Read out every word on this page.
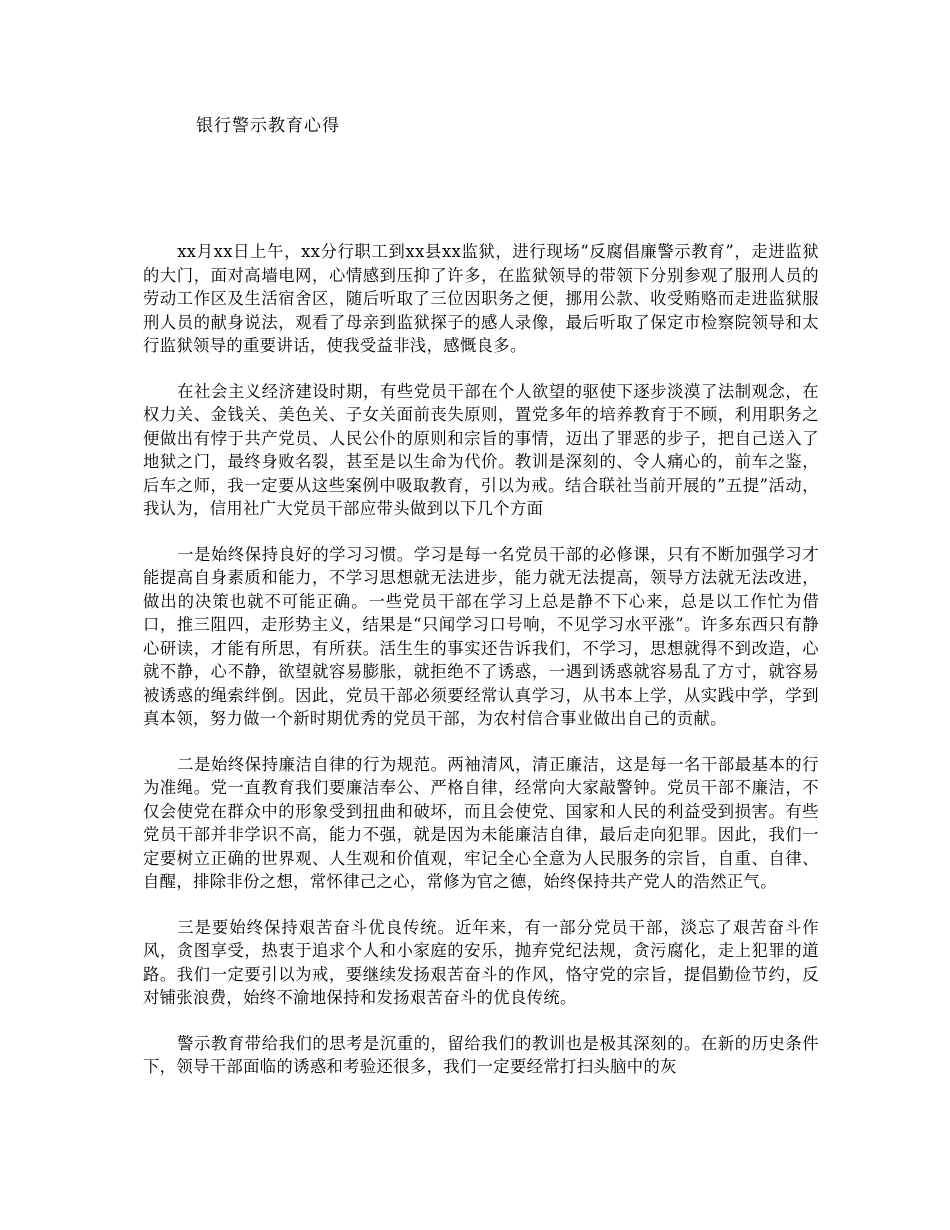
银行警示教育心得

xx月xx日上午，xx分行职工到xx县xx监狱，进行现场“反腐倡廉警示教育”，走进监狱的大门，面对高墙电网，心情感到压抑了许多，在监狱领导的带领下分别参观了服刑人员的劳动工作区及生活宿舍区，随后听取了三位因职务之便，挪用公款、收受贿赂而走进监狱服刑人员的献身说法，观看了母亲到监狱探子的感人录像，最后听取了保定市检察院领导和太行监狱领导的重要讲话，使我受益非浅，感慨良多。

在社会主义经济建设时期，有些党员干部在个人欲望的驱使下逐步淡漠了法制观念，在权力关、金钱关、美色关、子女关面前丧失原则，置党多年的培养教育于不顾，利用职务之便做出有悖于共产党员、人民公仆的原则和宗旨的事情，迈出了罪恶的步子，把自己送入了地狱之门，最终身败名裂，甚至是以生命为代价。教训是深刻的、令人痛心的，前车之鉴，后车之师，我一定要从这些案例中吸取教育，引以为戒。结合联社当前开展的”五提”活动，我认为，信用社广大党员干部应带头做到以下几个方面

一是始终保持良好的学习习惯。学习是每一名党员干部的必修课，只有不断加强学习才能提高自身素质和能力，不学习思想就无法进步，能力就无法提高，领导方法就无法改进，做出的决策也就不可能正确。一些党员干部在学习上总是静不下心来，总是以工作忙为借口，推三阻四，走形势主义，结果是“只闻学习口号响，不见学习水平涨”。许多东西只有静心研读，才能有所思，有所获。活生生的事实还告诉我们，不学习，思想就得不到改造，心就不静，心不静，欲望就容易膨胀，就拒绝不了诱惑，一遇到诱惑就容易乱了方寸，就容易被诱惑的绳索绊倒。因此，党员干部必须要经常认真学习，从书本上学，从实践中学，学到真本领，努力做一个新时期优秀的党员干部，为农村信合事业做出自己的贡献。

二是始终保持廉洁自律的行为规范。两袖清风，清正廉洁，这是每一名干部最基本的行为准绳。党一直教育我们要廉洁奉公、严格自律，经常向大家敲警钟。党员干部不廉洁，不仅会使党在群众中的形象受到扭曲和破坏，而且会使党、国家和人民的利益受到损害。有些党员干部并非学识不高，能力不强，就是因为未能廉洁自律，最后走向犯罪。因此，我们一定要树立正确的世界观、人生观和价值观，牢记全心全意为人民服务的宗旨，自重、自律、自醒，排除非份之想，常怀律己之心，常修为官之德，始终保持共产党人的浩然正气。

三是要始终保持艰苦奋斗优良传统。近年来，有一部分党员干部，淡忘了艰苦奋斗作风，贪图享受，热衷于追求个人和小家庭的安乐，抛弃党纪法规，贪污腐化，走上犯罪的道路。我们一定要引以为戒，要继续发扬艰苦奋斗的作风，恪守党的宗旨，提倡勤俭节约，反对铺张浪费，始终不渝地保持和发扬艰苦奋斗的优良传统。

警示教育带给我们的思考是沉重的，留给我们的教训也是极其深刻的。在新的历史条件下，领导干部面临的诱惑和考验还很多，我们一定要经常打扫头脑中的灰
